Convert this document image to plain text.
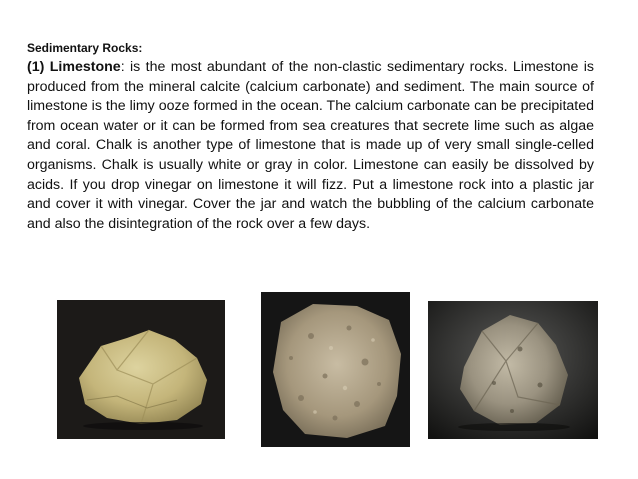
Sedimentary Rocks:
(1) Limestone: is the most abundant of the non-clastic sedimentary rocks. Limestone is produced from the mineral calcite (calcium carbonate) and sediment. The main source of limestone is the limy ooze formed in the ocean. The calcium carbonate can be precipitated from ocean water or it can be formed from sea creatures that secrete lime such as algae and coral. Chalk is another type of limestone that is made up of very small single-celled organisms. Chalk is usually white or gray in color. Limestone can easily be dissolved by acids. If you drop vinegar on limestone it will fizz. Put a limestone rock into a plastic jar and cover it with vinegar. Cover the jar and watch the bubbling of the calcium carbonate and also the disintegration of the rock over a few days.
